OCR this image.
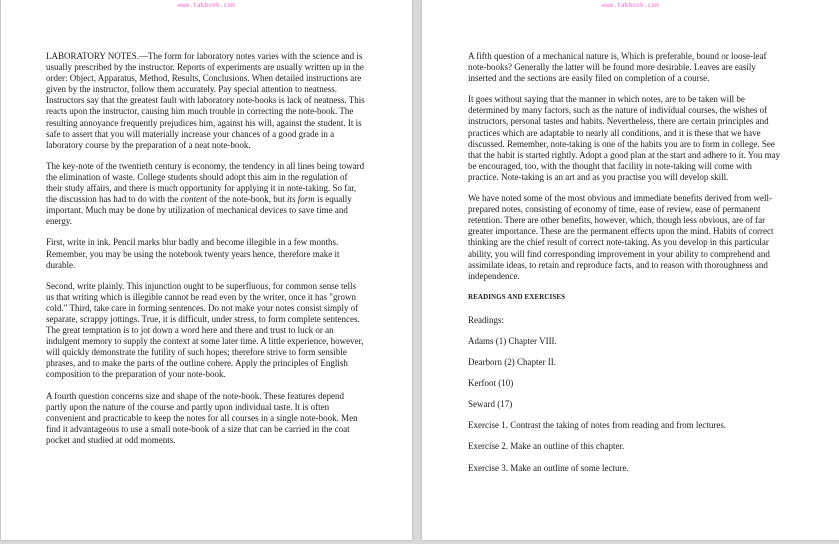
www.takbook.com
LABORATORY NOTES.—The form for laboratory notes varies with the science and is usually prescribed by the instructor. Reports of experiments are usually written up in the order: Object, Apparatus, Method, Results, Conclusions. When detailed instructions are given by the instructor, follow them accurately. Pay special attention to neatness. Instructors say that the greatest fault with laboratory note-books is lack of neatness. This reacts upon the instructor, causing him much trouble in correcting the note-book. The resulting annoyance frequently prejudices him, against his will, against the student. It is safe to assert that you will materially increase your chances of a good grade in a laboratory course by the preparation of a neat note-book.
The key-note of the twentieth century is economy, the tendency in all lines being toward the elimination of waste. College students should adopt this aim in the regulation of their study affairs, and there is much opportunity for applying it in note-taking. So far, the discussion has had to do with the content of the note-book, but its form is equally important. Much may be done by utilization of mechanical devices to save time and energy.
First, write in ink. Pencil marks blur badly and become illegible in a few months. Remember, you may be using the notebook twenty years hence, therefore make it durable.
Second, write plainly. This injunction ought to be superfluous, for common sense tells us that writing which is illegible cannot be read even by the writer, once it has "grown cold." Third, take care in forming sentences. Do not make your notes consist simply of separate, scrappy jottings. True, it is difficult, under stress, to form complete sentences. The great temptation is to jot down a word here and there and trust to luck or an indulgent memory to supply the context at some later time. A little experience, however, will quickly demonstrate the futility of such hopes; therefore strive to form sensible phrases, and to make the parts of the outline cohere. Apply the principles of English composition to the preparation of your note-book.
A fourth question concerns size and shape of the note-book. These features depend partly upon the nature of the course and partly upon individual taste. It is often convenient and practicable to keep the notes for all courses in a single note-book. Men find it advantageous to use a small note-book of a size that can be carried in the coat pocket and studied at odd moments.
www.takbook.com
A fifth question of a mechanical nature is, Which is preferable, bound or loose-leaf note-books? Generally the latter will be found more desirable. Leaves are easily inserted and the sections are easily filed on completion of a course.
It goes without saying that the manner in which notes, are to be taken will be determined by many factors, such as the nature of individual courses, the wishes of instructors, personal tastes and habits. Nevertheless, there are certain principles and practices which are adaptable to nearly all conditions, and it is these that we have discussed. Remember, note-taking is one of the habits you are to form in college. See that the habit is started rightly. Adopt a good plan at the start and adhere to it. You may be encouraged, too, with the thought that facility in note-taking will come with practice. Note-taking is an art and as you practise you will develop skill.
We have noted some of the most obvious and immediate benefits derived from well-prepared notes, consisting of economy of time, ease of review, ease of permanent retention. There are other benefits, however, which, though less obvious, are of far greater importance. These are the permanent effects upon the mind. Habits of correct thinking are the chief result of correct note-taking. As you develop in this particular ability, you will find corresponding improvement in your ability to comprehend and assimilate ideas, to retain and reproduce facts, and to reason with thoroughness and independence.
READINGS AND EXERCISES
Readings:
Adams (1) Chapter VIII.
Dearborn (2) Chapter II.
Kerfoot (10)
Seward (17)
Exercise 1. Contrast the taking of notes from reading and from lectures.
Exercise 2. Make an outline of this chapter.
Exercise 3. Make an outline of some lecture.
